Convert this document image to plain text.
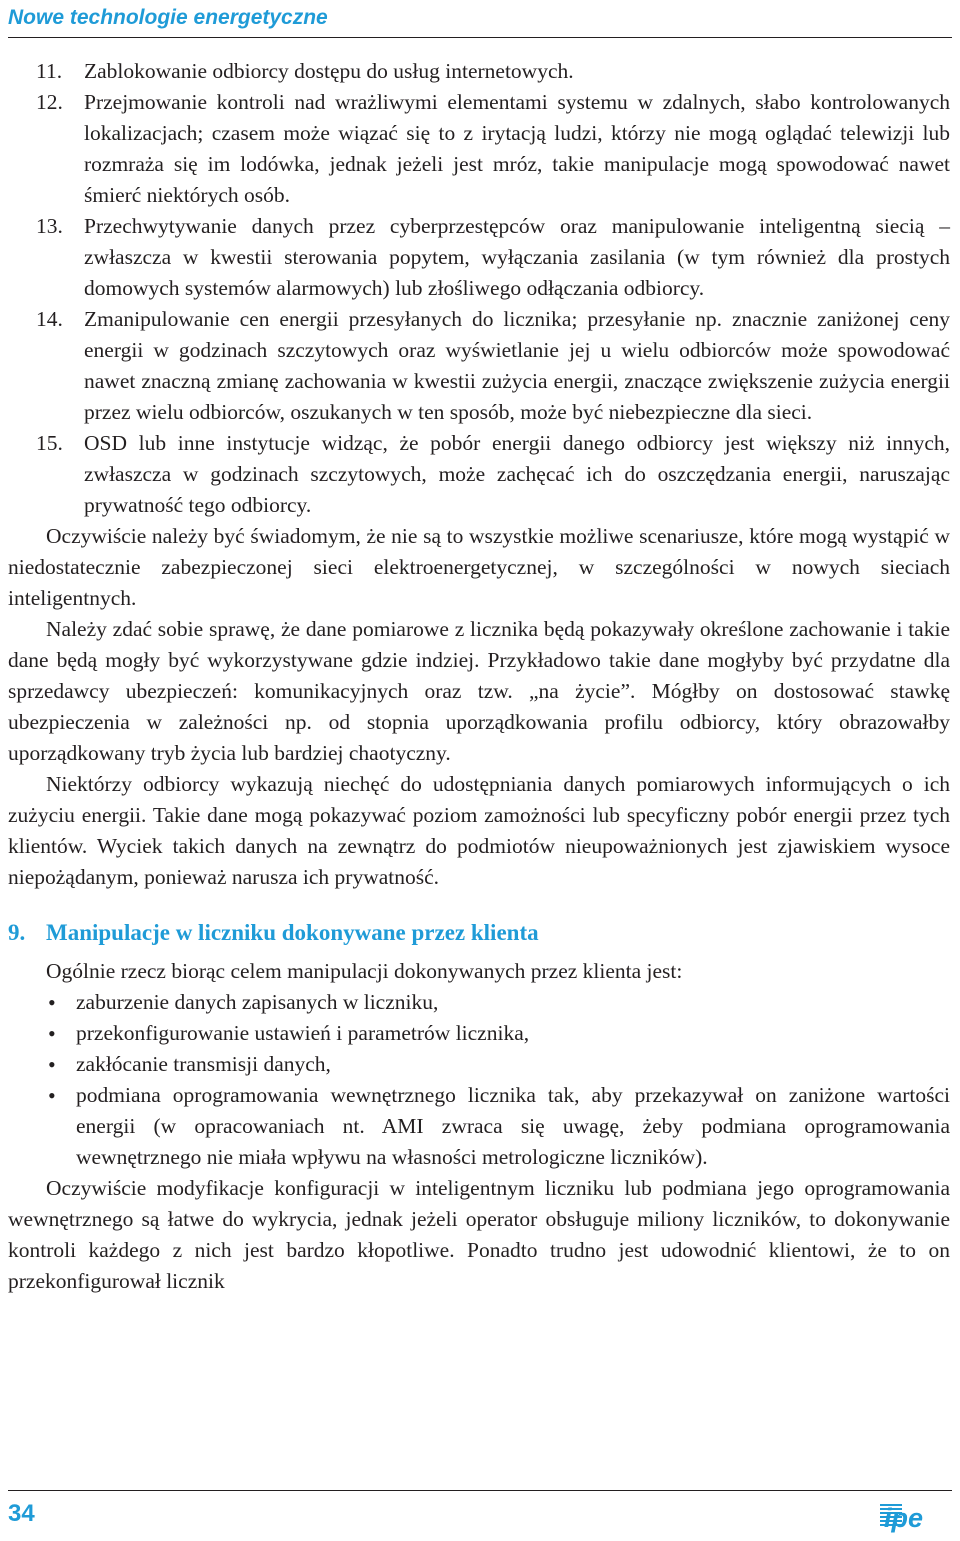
Nowe technologie energetyczne
11.	Zablokowanie odbiorcy dostępu do usług internetowych.
12. Przejmowanie kontroli nad wrażliwymi elementami systemu w zdalnych, słabo kontrolowanych lokalizacjach; czasem może wiązać się to z irytacją ludzi, którzy nie mogą oglądać telewizji lub rozmraża się im lodówka, jednak jeżeli jest mróz, takie manipulacje mogą spowodować nawet śmierć niektórych osób.
13. Przechwytywanie danych przez cyberprzestępców oraz manipulowanie inteligentną siecią – zwłaszcza w kwestii sterowania popytem, wyłączania zasilania (w tym również dla prostych domowych systemów alarmowych) lub złośliwego odłączania odbiorcy.
14. Zmanipulowanie cen energii przesyłanych do licznika; przesyłanie np. znacznie zaniżonej ceny energii w godzinach szczytowych oraz wyświetlanie jej u wielu odbiorców może spowodować nawet znaczną zmianę zachowania w kwestii zużycia energii, znaczące zwiększenie zużycia energii przez wielu odbiorców, oszukanych w ten sposób, może być niebezpieczne dla sieci.
15. OSD lub inne instytucje widząc, że pobór energii danego odbiorcy jest większy niż innych, zwłaszcza w godzinach szczytowych, może zachęcać ich do oszczędzania energii, naruszając prywatność tego odbiorcy.

Oczywiście należy być świadomym, że nie są to wszystkie możliwe scenariusze, które mogą wystąpić w niedostatecznie zabezpieczonej sieci elektroenergetycznej, w szczególności w nowych sieciach inteligentnych.

Należy zdać sobie sprawę, że dane pomiarowe z licznika będą pokazywały określone zachowanie i takie dane będą mogły być wykorzystywane gdzie indziej. Przykładowo takie dane mogłyby być przydatne dla sprzedawcy ubezpieczeń: komunikacyjnych oraz tzw. „na życie”. Mógłby on dostosować stawkę ubezpieczenia w zależności np. od stopnia uporządkowania profilu odbiorcy, który obrazowałby uporządkowany tryb życia lub bardziej chaotyczny.

Niektórzy odbiorcy wykazują niechęć do udostępniania danych pomiarowych informujących o ich zużyciu energii. Takie dane mogą pokazywać poziom zamożności lub specyficzny pobór energii przez tych klientów. Wyciek takich danych na zewnątrz do podmiotów nieupoważnionych jest zjawiskiem wysoce niepożądanym, ponieważ narusza ich prywatność.

9. Manipulacje w liczniku dokonywane przez klienta

Ogólnie rzecz biorąc celem manipulacji dokonywanych przez klienta jest:

• zaburzenie danych zapisanych w liczniku,
• przekonfigurowanie ustawień i parametrów licznika,
• zakłócanie transmisji danych,
• podmiana oprogramowania wewnętrznego licznika tak, aby przekazywał on zaniżone wartości energii (w opracowaniach nt. AMI zwraca się uwagę, żeby podmiana oprogramowania wewnętrznego nie miała wpływu na własności metrologiczne liczników).

Oczywiście modyfikacje konfiguracji w inteligentnym liczniku lub podmiana jego oprogramowania wewnętrznego są łatwe do wykrycia, jednak jeżeli operator obsługuje miliony liczników, to dokonywanie kontroli każdego z nich jest bardzo kłopotliwe. Ponadto trudno jest udowodnić klientowi, że to on przekonfigurował licznik

34	ipe
